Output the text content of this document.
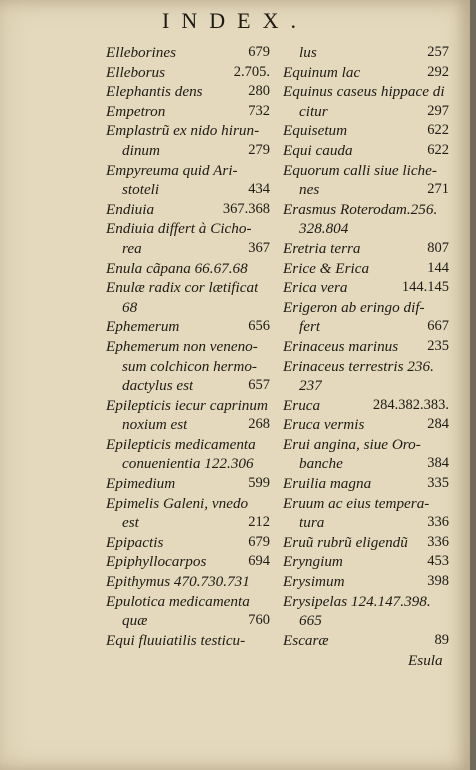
INDEX.
Elleborines	679
Elleborus	2.705.
Elephantis dens	280
Empetron	732
Emplastrũ ex nido hirun-
dinum	279
Empyreuma quid Ari-
stoteli	434
Endiuia	367.368
Endiuia differt à Cicho-
rea	367
Enula cãpana 66.67.68
Enulæ radix cor lætificat
68
Ephemerum	656
Ephemerum non veneno-
sum colchicon hermo-
dactylus est	657
Epilepticis iecur caprinum
noxium est	268
Epilepticis medicamenta
conuenientia 122.306
Epimedium	599
Epimelis Galeni, vnedo
est	212
Epipactis	679
Epiphyllocarpos	694
Epithymus 470.730.731
Epulotica medicamenta
quæ	760
Equi fluuiatilis testicu-
lus	257
Equinum lac	292
Equinus caseus hippace di
citur	297
Equisetum	622
Equi cauda	622
Equorum calli siue liche-
nes	271
Erasmus Roterodam.256.
328.804
Eretria terra	807
Erice & Erica	144
Erica vera	144.145
Erigeron ab eringo dif-
fert	667
Erinaceus marinus 235
Erinaceus terrestris 236.
237
Eruca	284.382.383.
Eruca vermis	284
Erui angina, siue Oro-
banche	384
Eruilia magna	335
Eruum ac eius tempera-
tura	336
Eruũ rubrũ eligendũ 336
Eryngium	453
Erysimum	398
Erysipelas 124.147.398.
665
Escaræ	89
Esula
